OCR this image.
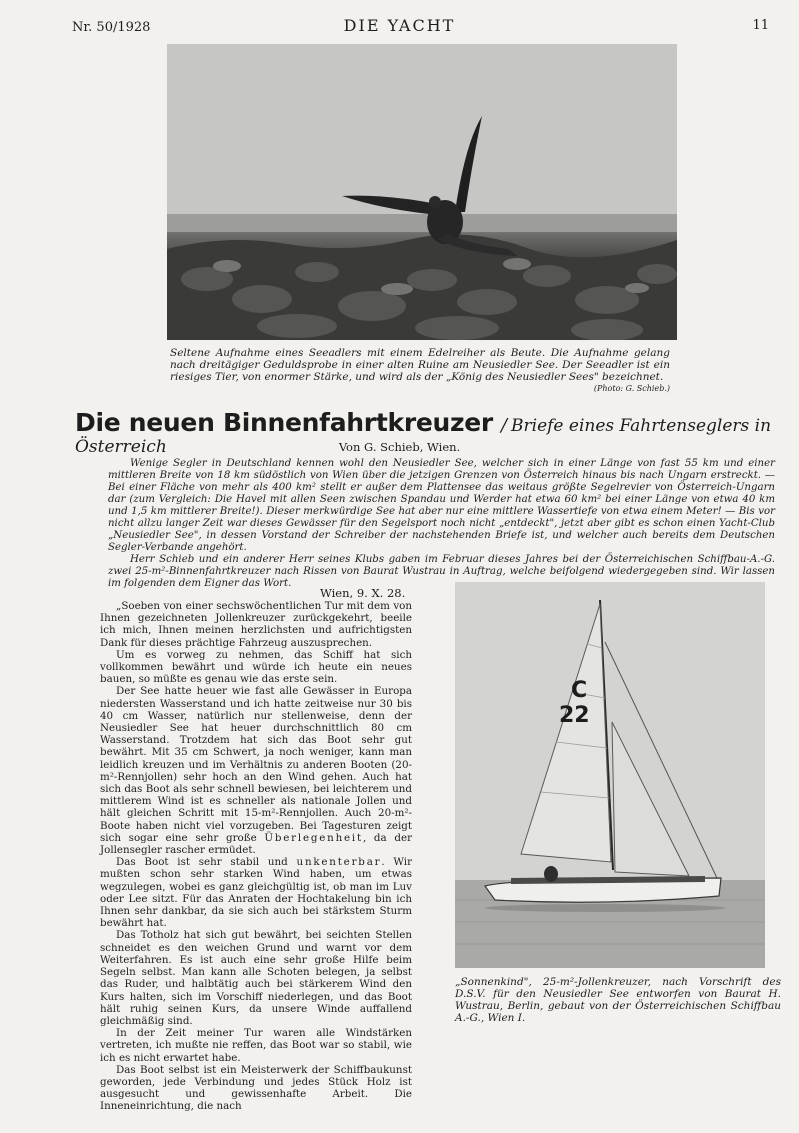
Nr. 50/1928	DIE YACHT	11
Seltene Aufnahme eines Seeadlers mit einem Edelreiher als Beute. Die Aufnahme gelang nach dreitägiger Geduldsprobe in einer alten Ruine am Neusiedler See. Der Seeadler ist ein riesiges Tier, von enormer Stärke, und wird als der „König des Neusiedler Sees" bezeichnet.
(Photo: G. Schieb.)
Die neuen Binnenfahrtkreuzer / Briefe eines Fahrtenseglers in Österreich	Von G. Schieb, Wien.

Wenige Segler in Deutschland kennen wohl den Neusiedler See, welcher sich in einer Länge von fast 55 km und einer mittleren Breite von 18 km südöstlich von Wien über die jetzigen Grenzen von Österreich hinaus bis nach Ungarn erstreckt. — Bei einer Fläche von mehr als 400 km² stellt er außer dem Plattensee das weitaus größte Segelrevier von Österreich-Ungarn dar (zum Vergleich: Die Havel mit allen Seen zwischen Spandau und Werder hat etwa 60 km² bei einer Länge von etwa 40 km und 1,5 km mittlerer Breite!). Dieser merkwürdige See hat aber nur eine mittlere Wassertiefe von etwa einem Meter! — Bis vor nicht allzu langer Zeit war dieses Gewässer für den Segelsport noch nicht „entdeckt", jetzt aber gibt es schon einen Yacht-Club „Neusiedler See", in dessen Vorstand der Schreiber der nachstehenden Briefe ist, und welcher auch bereits dem Deutschen Segler-Verbande angehört.

Herr Schieb und ein anderer Herr seines Klubs gaben im Februar dieses Jahres bei der Österreichischen Schiffbau-A.-G. zwei 25-m²-Binnenfahrtkreuzer nach Rissen von Baurat Wustrau in Auftrag, welche beifolgend wiedergegeben sind. Wir lassen im folgenden dem Eigner das Wort.

Wien, 9. X. 28.

„Soeben von einer sechswöchentlichen Tur mit dem von Ihnen gezeichneten Jollenkreuzer zurückgekehrt, beeile ich mich, Ihnen meinen herzlichsten und aufrichtigsten Dank für dieses prächtige Fahrzeug auszusprechen.

Um es vorweg zu nehmen, das Schiff hat sich vollkommen bewährt und würde ich heute ein neues bauen, so müßte es genau wie das erste sein.

Der See hatte heuer wie fast alle Gewässer in Europa niedersten Wasserstand und ich hatte zeitweise nur 30 bis 40 cm Wasser, natürlich nur stellenweise, denn der Neusiedler See hat heuer durchschnittlich 80 cm Wasserstand. Trotzdem hat sich das Boot sehr gut bewährt. Mit 35 cm Schwert, ja noch weniger, kann man leidlich kreuzen und im Verhältnis zu anderen Booten (20-m²-Rennjollen) sehr hoch an den Wind gehen. Auch hat sich das Boot als sehr schnell bewiesen, bei leichterem und mittlerem Wind ist es schneller als nationale Jollen und hält gleichen Schritt mit 15-m²-Rennjollen. Auch 20-m²-Boote haben nicht viel vorzugeben. Bei Tagesturen zeigt sich sogar eine sehr große Überlegenheit, da der Jollensegler rascher ermüdet.

Das Boot ist sehr stabil und unkenterbar. Wir mußten schon sehr starken Wind haben, um etwas wegzulegen, wobei es ganz gleichgültig ist, ob man im Luv oder Lee sitzt. Für das Anraten der Hochtakelung bin ich Ihnen sehr dankbar, da sie sich auch bei stärkstem Sturm bewährt hat.

Das Totholz hat sich gut bewährt, bei seichten Stellen schneidet es den weichen Grund und warnt vor dem Weiterfahren. Es ist auch eine sehr große Hilfe beim Segeln selbst. Man kann alle Schoten belegen, ja selbst das Ruder, und halbtätig auch bei stärkerem Wind den Kurs halten, sich im Vorschiff niederlegen, und das Boot hält ruhig seinen Kurs, da unsere Winde auffallend gleichmäßig sind.

In der Zeit meiner Tur waren alle Windstärken vertreten, ich mußte nie reffen, das Boot war so stabil, wie ich es nicht erwartet habe.

Das Boot selbst ist ein Meisterwerk der Schiffbaukunst geworden, jede Verbindung und jedes Stück Holz ist ausgesucht und gewissenhafte Arbeit. Die Inneneinrichtung, die nach

C
22
„Sonnenkind", 25-m²-Jollenkreuzer, nach Vorschrift des D.S.V. für den Neusiedler See entworfen von Baurat H. Wustrau, Berlin, gebaut von der Österreichischen Schiffbau A.-G., Wien I.
